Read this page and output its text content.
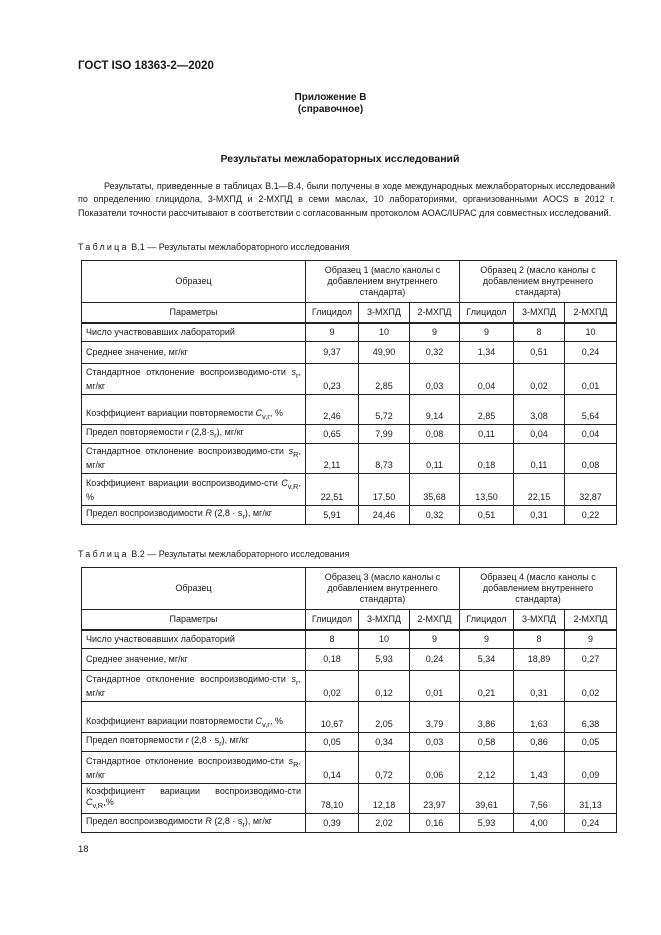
ГОСТ ISO 18363-2—2020
Приложение В
(справочное)
Результаты межлабораторных исследований

Результаты, приведенные в таблицах В.1—В.4, были получены в ходе международных межлабораторных исследований по определению глицидола, 3-МХПД и 2-МХПД в семи маслах, 10 лабораториями, организованными AOCS в 2012 г. Показатели точности рассчитывают в соответствии с согласованным протоколом AOAC/IUPAC для совместных исследований.

Таблица В.1 — Результаты межлабораторного исследования
Образец	Образец 1 (масло канолы с добавлением внутреннего стандарта)			Образец 2 (масло канолы с добавлением внутреннего стандарта)		
Параметры	Глицидол	3-МХПД	2-МХПД	Глицидол	3-МХПД	2-МХПД
Число участвовавших лабораторий	9	10	9	9	8	10
Среднее значение, мг/кг	9,37	49,90	0,32	1,34	0,51	0,24
Стандартное отклонение воспроизводимо-сти $s_r$, мг/кг	0,23	2,85	0,03	0,04	0,02	0,01
Коэффициент вариации повторяемости $C_{v,r}$, %	2,46	5,72	9,14	2,85	3,08	5,64
Предел повторяемости r $(2,8\cdot s_r)$, мг/кг	0,65	7,99	0,08	0,11	0,04	0,04
Стандартное отклонение воспроизводимо-сти $s_R$, мг/кг	2,11	8,73	0,11	0,18	0,11	0,08
Коэффициент вариации воспроизводимо-сти $C_{v,R}$, %	22,51	17,50	35,68	13,50	22,15	32,87
Предел воспроизводимости R $(2,8 \cdot s_r)$, мг/кг	5,91	24,46	0,32	0,51	0,31	0,22
Таблица В.2 — Результаты межлабораторного исследования
Образец	Образец 3 (масло канолы с добавлением внутреннего стандарта)			Образец 4 (масло канолы с добавлением внутреннего стандарта)		
Параметры	Глицидол	3-МХПД	2-МХПД	Глицидол	3-МХПД	2-МХПД
Число участвовавших лабораторий	8	10	9	9	8	9
Среднее значение, мг/кг	0,18	5,93	0,24	5,34	18,89	0,27
Стандартное отклонение воспроизводимо-сти $s_r$, мг/кг	0,02	0,12	0,01	0,21	0,31	0,02
Коэффициент вариации повторяемости $C_{v,r}$, %	10,67	2,05	3,79	3,86	1,63	6,38
Предел повторяемости r $(2,8 \cdot s_r)$, мг/кг	0,05	0,34	0,03	0,58	0,86	0,05
Стандартное отклонение воспроизводимо-сти $s_R$, мг/кг	0,14	0,72	0,06	2,12	1,43	0,09
Коэффициент вариации воспроизводимо-сти $C_{v,R},\%$	78,10	12,18	23,97	39,61	7,56	31,13
Предел воспроизводимости R $(2,8 \cdot s_r)$, мг/кг	0,39	2,02	0,16	5,93	4,00	0,24
18
